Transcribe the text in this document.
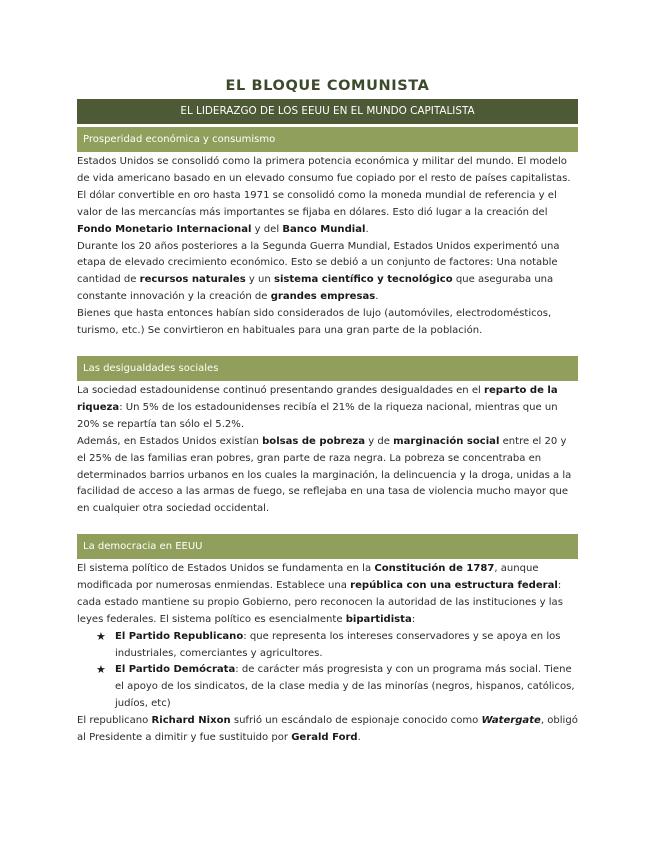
EL BLOQUE COMUNISTA
EL LIDERAZGO DE LOS EEUU EN EL MUNDO CAPITALISTA
Prosperidad económica y consumismo

Estados Unidos se consolidó como la primera potencia económica y militar del mundo. El modelo de vida americano basado en un elevado consumo fue copiado por el resto de países capitalistas.

El dólar convertible en oro hasta 1971 se consolidó como la moneda mundial de referencia y el valor de las mercancías más importantes se fijaba en dólares. Esto dió lugar a la creación del Fondo Monetario Internacional y del Banco Mundial.

Durante los 20 años posteriores a la Segunda Guerra Mundial, Estados Unidos experimentó una etapa de elevado crecimiento económico. Esto se debió a un conjunto de factores: Una notable cantidad de recursos naturales y un sistema científico y tecnológico que aseguraba una constante innovación y la creación de grandes empresas.

Bienes que hasta entonces habían sido considerados de lujo (automóviles, electrodomésticos, turismo, etc.) Se convirtieron en habituales para una gran parte de la población.

Las desigualdades sociales

La sociedad estadounidense continuó presentando grandes desigualdades en el reparto de la riqueza: Un 5% de los estadounidenses recibía el 21% de la riqueza nacional, mientras que un 20% se repartía tan sólo el 5.2%.

Además, en Estados Unidos existían bolsas de pobreza y de marginación social entre el 20 y el 25% de las familias eran pobres, gran parte de raza negra. La pobreza se concentraba en determinados barrios urbanos en los cuales la marginación, la delincuencia y la droga, unidas a la facilidad de acceso a las armas de fuego, se reflejaba en una tasa de violencia mucho mayor que en cualquier otra sociedad occidental.

La democracia en EEUU

El sistema político de Estados Unidos se fundamenta en la Constitución de 1787, aunque modificada por numerosas enmiendas. Establece una república con una estructura federal: cada estado mantiene su propio Gobierno, pero reconocen la autoridad de las instituciones y las leyes federales. El sistema político es esencialmente bipartidista:

★ El Partido Republicano: que representa los intereses conservadores y se apoya en los industriales, comerciantes y agricultores.
★ El Partido Demócrata: de carácter más progresista y con un programa más social. Tiene el apoyo de los sindicatos, de la clase media y de las minorías (negros, hispanos, católicos, judíos, etc)

El republicano Richard Nixon sufrió un escándalo de espionaje conocido como Watergate, obligó al Presidente a dimitir y fue sustituido por Gerald Ford.
